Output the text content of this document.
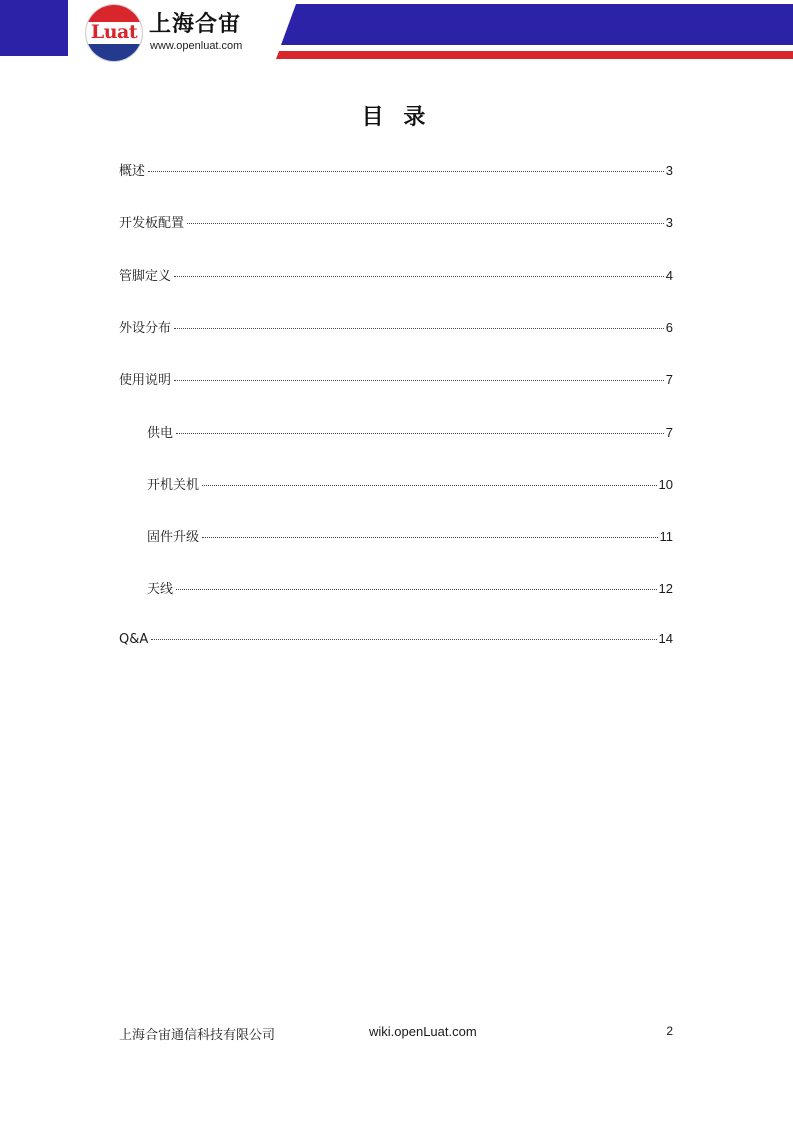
Luat 上海合宙
www.openluat.com
目 录
概述	3
开发板配置	3
管脚定义	4
外设分布	6
使用说明	7
供电	7
开机关机	10
固件升级	11
天线	12
Q&A	14
上海合宙通信科技有限公司	wiki.openLuat.com	2
